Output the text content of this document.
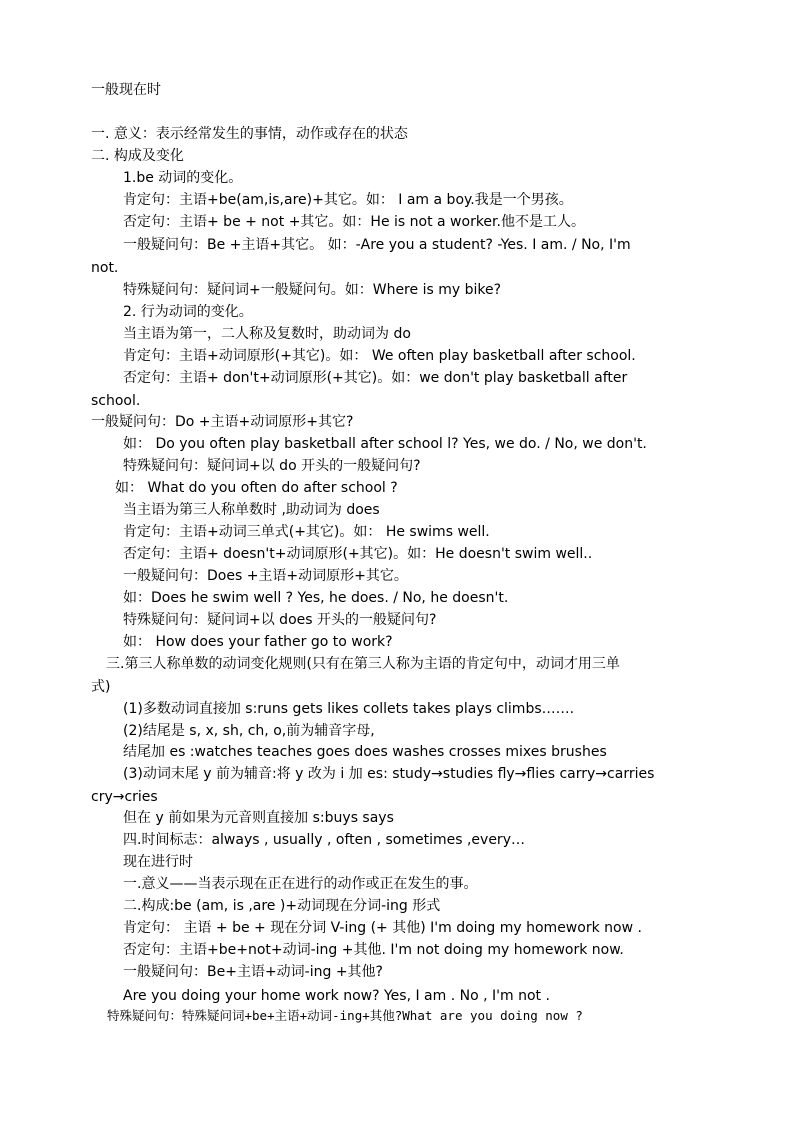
一般现在时
一. 意义：表示经常发生的事情，动作或存在的状态
二. 构成及变化
1.be 动词的变化。
肯定句：主语+be(am,is,are)+其它。如： I am a boy.我是一个男孩。
否定句：主语+ be + not +其它。如：He is not a worker.他不是工人。
一般疑问句：Be +主语+其它。 如：-Are you a student? -Yes. I am. / No, I'm
not.
特殊疑问句：疑问词+一般疑问句。如：Where is my bike?
2. 行为动词的变化。
当主语为第一，二人称及复数时，助动词为 do
肯定句：主语+动词原形(+其它)。如： We often play basketball after school.
否定句：主语+ don't+动词原形(+其它)。如：we don't play basketball after
school.
一般疑问句：Do +主语+动词原形+其它?
如： Do you often play basketball after school l? Yes, we do. / No, we don't.
特殊疑问句：疑问词+以 do 开头的一般疑问句?
如： What do you often do after school ?
当主语为第三人称单数时 ,助动词为 does
肯定句：主语+动词三单式(+其它)。如： He swims well.
否定句：主语+ doesn't+动词原形(+其它)。如：He doesn't swim well..
一般疑问句：Does +主语+动词原形+其它。
如：Does he swim well ? Yes, he does. / No, he doesn't.
特殊疑问句：疑问词+以 does 开头的一般疑问句?
如： How does your father go to work?
三.第三人称单数的动词变化规则(只有在第三人称为主语的肯定句中，动词才用三单
式)
(1)多数动词直接加 s:runs gets likes collets takes plays climbs…….
(2)结尾是 s, x, sh, ch, o,前为辅音字母,
结尾加 es :watches teaches goes does washes crosses mixes brushes
(3)动词末尾 y 前为辅音:将 y 改为 i 加 es: study→studies fly→flies carry→carries
cry→cries
但在 y 前如果为元音则直接加 s:buys says
四.时间标志：always , usually , often , sometimes ,every…
现在进行时
一.意义——当表示现在正在进行的动作或正在发生的事。
二.构成:be (am, is ,are )+动词现在分词-ing 形式
肯定句： 主语 + be + 现在分词 V-ing (+ 其他) I'm doing my homework now .
否定句：主语+be+not+动词-ing +其他. I'm not doing my homework now.
一般疑问句：Be+主语+动词-ing +其他?
Are you doing your home work now? Yes, I am . No , I'm not .
特殊疑问句：特殊疑问词+be+主语+动词-ing+其他?What are you doing now ?
